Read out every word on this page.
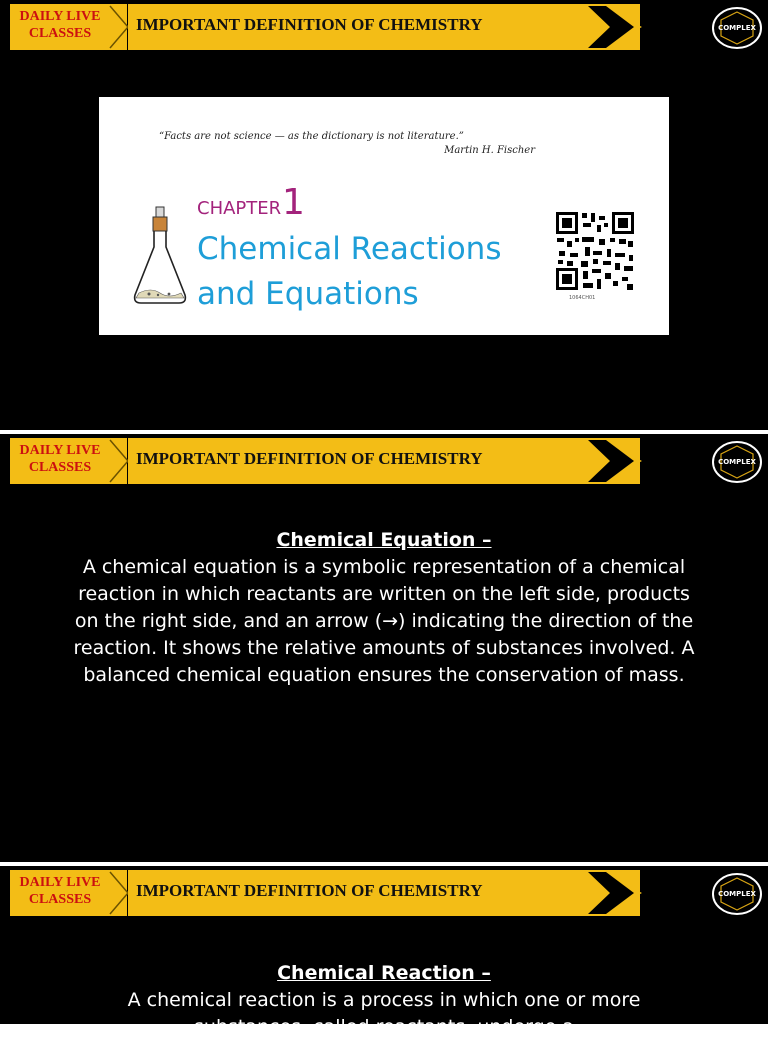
DAILY LIVE
CLASSES	IMPORTANT DEFINITION OF CHEMISTRY	COMPLEX
“Facts are not science — as the dictionary is not literature.”
Martin H. Fischer
CHAPTER 1
Chemical Reactions
and Equations	1064CH01
DAILY LIVE
CLASSES	IMPORTANT DEFINITION OF CHEMISTRY	COMPLEX
Chemical Equation –
A chemical equation is a symbolic representation of a chemical reaction in which reactants are written on the left side, products on the right side, and an arrow (→) indicating the direction of the reaction. It shows the relative amounts of substances involved. A balanced chemical equation ensures the conservation of mass.
DAILY LIVE
CLASSES	IMPORTANT DEFINITION OF CHEMISTRY	COMPLEX
Chemical Reaction –
A chemical reaction is a process in which one or more substances, called reactants, undergo a
